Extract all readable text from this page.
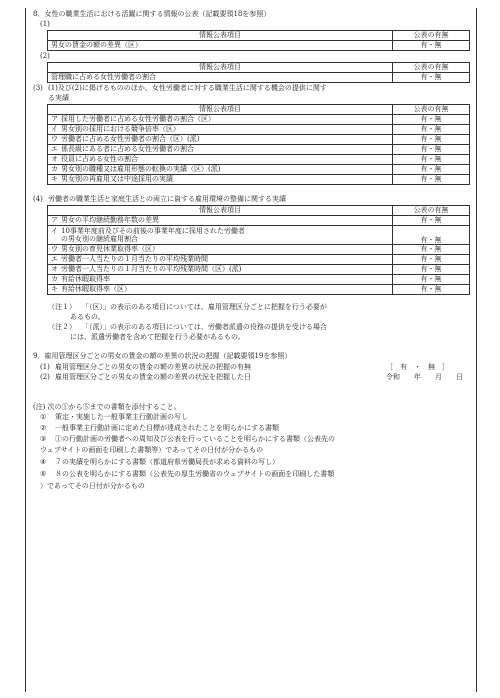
8．女性の職業生活における活躍に関する情報の公表（記載要領18を参照）
(1)
情報公表項目	公表の有無
男女の賃金の額の差異（区）	有・無
(2)
情報公表項目	公表の有無
管理職に占める女性労働者の割合	有・無
(3) (1)及び(2)に掲げるもののほか、女性労働者に対する職業生活に関する機会の提供に関す
る実績
情報公表項目	公表の有無
ア 採用した労働者に占める女性労働者の割合（区）	有・無
イ 男女別の採用における競争倍率（区）	有・無
ウ 労働者に占める女性労働者の割合（区）(派)	有・無
エ 係長級にある者に占める女性労働者の割合	有・無
オ 役員に占める女性の割合	有・無
カ 男女別の職種又は雇用形態の転換の実績（区）(派)	有・無
キ 男女別の再雇用又は中途採用の実績	有・無
(4) 労働者の職業生活と家庭生活との両立に資する雇用環境の整備に関する実績
情報公表項目	公表の有無
ア 男女の平均継続勤務年数の差異	有・無
イ 10事業年度前及びその前後の事業年度に採用された労働者
の男女別の継続雇用割合	有・無
ウ 男女別の育児休業取得率（区）	有・無
エ 労働者一人当たりの１月当たりの平均残業時間	有・無
オ 労働者一人当たりの１月当たりの平均残業時間（区）(派)	有・無
カ 有給休暇取得率	有・無
キ 有給休暇取得率（区）	有・無
（注１） 「（区）」の表示のある項目については、雇用管理区分ごとに把握を行う必要が
あるもの。
（注２） 「（派）」の表示のある項目については、労働者派遣の役務の提供を受ける場合
には、派遣労働者を含めて把握を行う必要があるもの。
9．雇用管理区分ごとの男女の賃金の額の差異の状況の把握（記載要領19を参照）
(1) 雇用管理区分ごとの男女の賃金の額の差異の状況の把握の有無	［　有　・　無　］
(2) 雇用管理区分ごとの男女の賃金の額の差異の状況を把握した日	令和　　年　　月　　日
(注) 次の①から⑤までの書類を添付すること。
① 策定・実施した一般事業主行動計画の写し
② 一般事業主行動計画に定めた目標が達成されたことを明らかにする書類
③ ①の行動計画の労働者への周知及び公表を行っていることを明らかにする書類（公表先の
ウェブサイトの画面を印刷した書類等）であってその日付が分かるもの
④ ７の実績を明らかにする書類（都道府県労働局長が求める資料の写し）
⑤ ８の公表を明らかにする書類（公表先の厚生労働省のウェブサイトの画面を印刷した書類
）であってその日付が分かるもの
